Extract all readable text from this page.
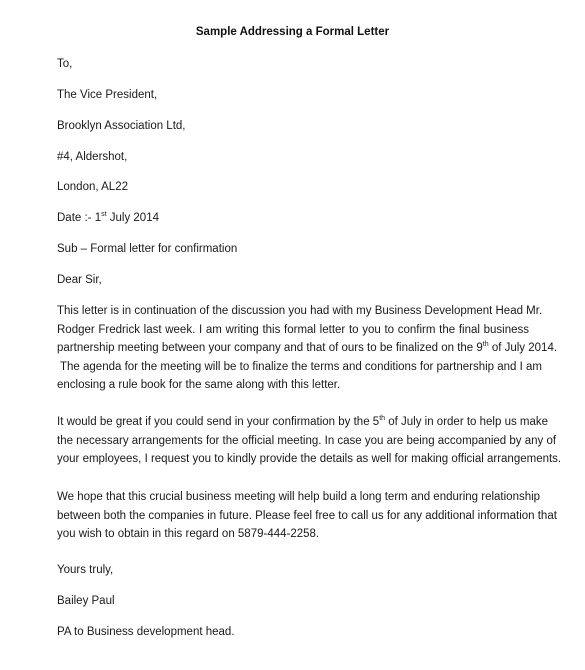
Sample Addressing a Formal Letter
To,
The Vice President,
Brooklyn Association Ltd,
#4, Aldershot,
London, AL22
Date :- 1st July 2014
Sub – Formal letter for confirmation
Dear Sir,
This letter is in continuation of the discussion you had with my Business Development Head Mr.
Rodger Fredrick last week. I am writing this formal letter to you to confirm the final business
partnership meeting between your company and that of ours to be finalized on the 9th of July 2014.
The agenda for the meeting will be to finalize the terms and conditions for partnership and I am
enclosing a rule book for the same along with this letter.
It would be great if you could send in your confirmation by the 5th of July in order to help us make
the necessary arrangements for the official meeting. In case you are being accompanied by any of
your employees, I request you to kindly provide the details as well for making official arrangements.
We hope that this crucial business meeting will help build a long term and enduring relationship
between both the companies in future. Please feel free to call us for any additional information that
you wish to obtain in this regard on 5879-444-2258.
Yours truly,
Bailey Paul
PA to Business development head.
